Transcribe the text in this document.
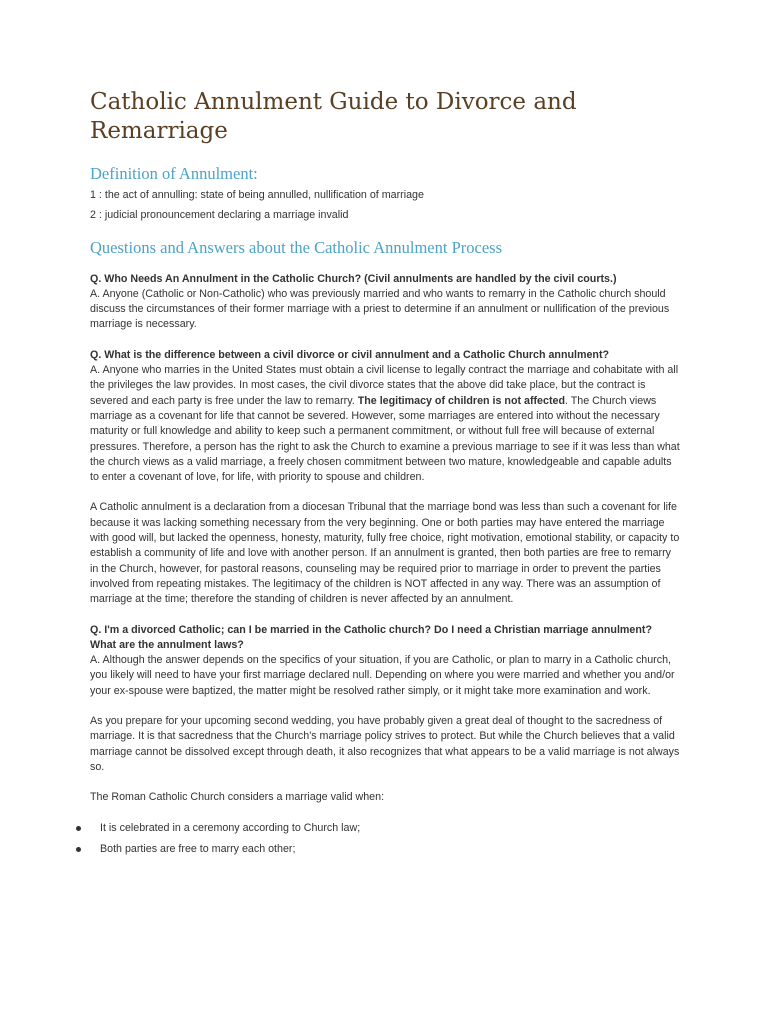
Catholic Annulment Guide to Divorce and Remarriage
Definition of Annulment:

1 : the act of annulling: state of being annulled, nullification of marriage

2 : judicial pronouncement declaring a marriage invalid

Questions and Answers about the Catholic Annulment Process

Q. Who Needs An Annulment in the Catholic Church? (Civil annulments are handled by the civil courts.)
A. Anyone (Catholic or Non-Catholic) who was previously married and who wants to remarry in the Catholic church should discuss the circumstances of their former marriage with a priest to determine if an annulment or nullification of the previous marriage is necessary.

Q. What is the difference between a civil divorce or civil annulment and a Catholic Church annulment?
A. Anyone who marries in the United States must obtain a civil license to legally contract the marriage and cohabitate with all the privileges the law provides. In most cases, the civil divorce states that the above did take place, but the contract is severed and each party is free under the law to remarry. The legitimacy of children is not affected. The Church views marriage as a covenant for life that cannot be severed. However, some marriages are entered into without the necessary maturity or full knowledge and ability to keep such a permanent commitment, or without full free will because of external pressures. Therefore, a person has the right to ask the Church to examine a previous marriage to see if it was less than what the church views as a valid marriage, a freely chosen commitment between two mature, knowledgeable and capable adults to enter a covenant of love, for life, with priority to spouse and children.

A Catholic annulment is a declaration from a diocesan Tribunal that the marriage bond was less than such a covenant for life because it was lacking something necessary from the very beginning. One or both parties may have entered the marriage with good will, but lacked the openness, honesty, maturity, fully free choice, right motivation, emotional stability, or capacity to establish a community of life and love with another person. If an annulment is granted, then both parties are free to remarry in the Church, however, for pastoral reasons, counseling may be required prior to marriage in order to prevent the parties involved from repeating mistakes. The legitimacy of the children is NOT affected in any way. There was an assumption of marriage at the time; therefore the standing of children is never affected by an annulment.

Q. I'm a divorced Catholic; can I be married in the Catholic church? Do I need a Christian marriage annulment? What are the annulment laws?
A. Although the answer depends on the specifics of your situation, if you are Catholic, or plan to marry in a Catholic church, you likely will need to have your first marriage declared null. Depending on where you were married and whether you and/or your ex-spouse were baptized, the matter might be resolved rather simply, or it might take more examination and work.

As you prepare for your upcoming second wedding, you have probably given a great deal of thought to the sacredness of marriage. It is that sacredness that the Church's marriage policy strives to protect. But while the Church believes that a valid marriage cannot be dissolved except through death, it also recognizes that what appears to be a valid marriage is not always so.

The Roman Catholic Church considers a marriage valid when:

It is celebrated in a ceremony according to Church law;
Both parties are free to marry each other;
